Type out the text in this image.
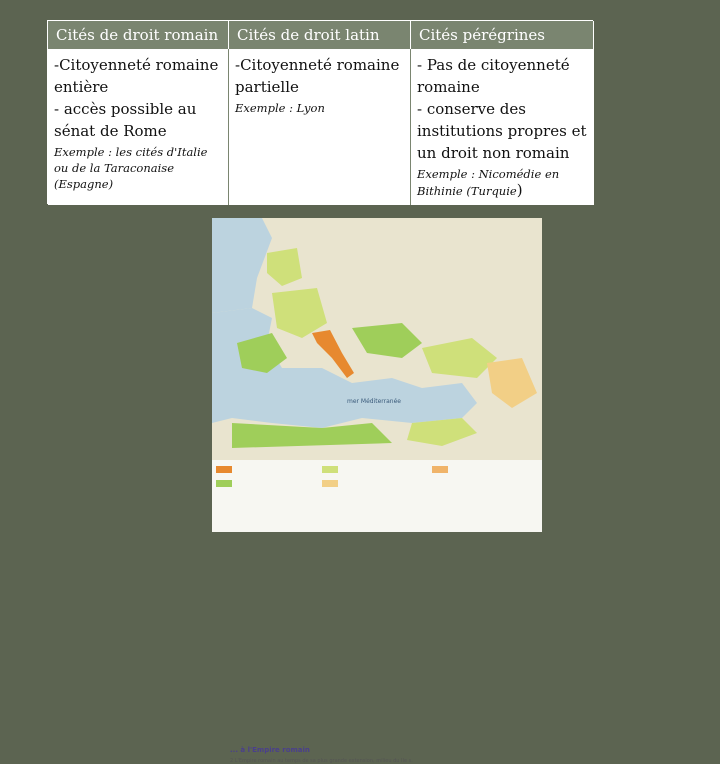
Cités de droit romain	Cités de droit latin	Cités pérégrines
-Citoyenneté romaine
entière
- accès possible au
sénat de Rome
Exemple : les cités d'Italie ou de la Taraconaise (Espagne)
-Citoyenneté romaine
partielle
Exemple : Lyon
- Pas de citoyenneté
romaine
- conserve des
institutions propres et
un droit non romain
Exemple : Nicomédie en Bithinie (Turquie)
mer Méditerranée
... à l'Empire romain
2 L'Empire romain au temps de sa plus grande extension, milieu du IIe s.
